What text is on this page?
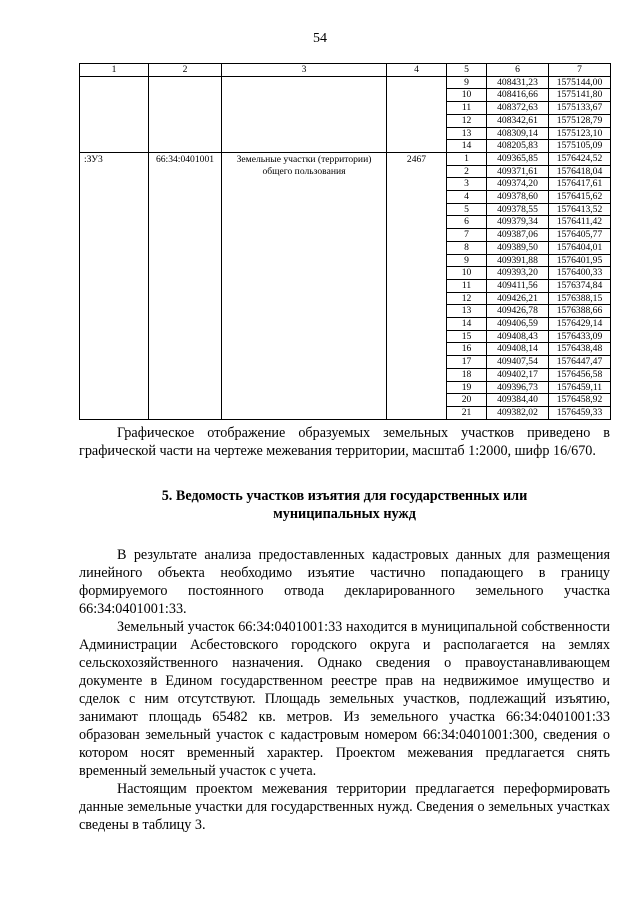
54
1	2	3	4	5	6	7
				9	408431,23	1575144,00
				10	408416,66	1575141,80
				11	408372,63	1575133,67
				12	408342,61	1575128,79
				13	408309,14	1575123,10
				14	408205,83	1575105,09
:ЗУ3	66:34:0401001	Земельные участки (территории) общего пользования	2467	1	409365,85	1576424,52
				2	409371,61	1576418,04
				3	409374,20	1576417,61
				4	409378,60	1576415,62
				5	409378,55	1576413,52
				6	409379,34	1576411,42
				7	409387,06	1576405,77
				8	409389,50	1576404,01
				9	409391,88	1576401,95
				10	409393,20	1576400,33
				11	409411,56	1576374,84
				12	409426,21	1576388,15
				13	409426,78	1576388,66
				14	409406,59	1576429,14
				15	409408,43	1576433,09
				16	409408,14	1576438,48
				17	409407,54	1576447,47
				18	409402,17	1576456,58
				19	409396,73	1576459,11
				20	409384,40	1576458,92
				21	409382,02	1576459,33

Графическое отображение образуемых земельных участков приведено в графической части на чертеже межевания территории, масштаб 1:2000, шифр 16/670.

5. Ведомость участков изъятия для государственных или
муниципальных нужд

В результате анализа предоставленных кадастровых данных для размещения линейного объекта необходимо изъятие частично попадающего в границу формируемого постоянного отвода декларированного земельного участка 66:34:0401001:33.

Земельный участок 66:34:0401001:33 находится в муниципальной собственности Администрации Асбестовского городского округа и располагается на землях сельскохозяйственного назначения. Однако сведения о правоустанавливающем документе в Едином государственном реестре прав на недвижимое имущество и сделок с ним отсутствуют. Площадь земельных участков, подлежащий изъятию, занимают площадь 65482 кв. метров. Из земельного участка 66:34:0401001:33 образован земельный участок с кадастровым номером 66:34:0401001:300, сведения о котором носят временный характер. Проектом межевания предлагается снять временный земельный участок с учета.

Настоящим проектом межевания территории предлагается переформировать данные земельные участки для государственных нужд. Сведения о земельных участках сведены в таблицу 3.
